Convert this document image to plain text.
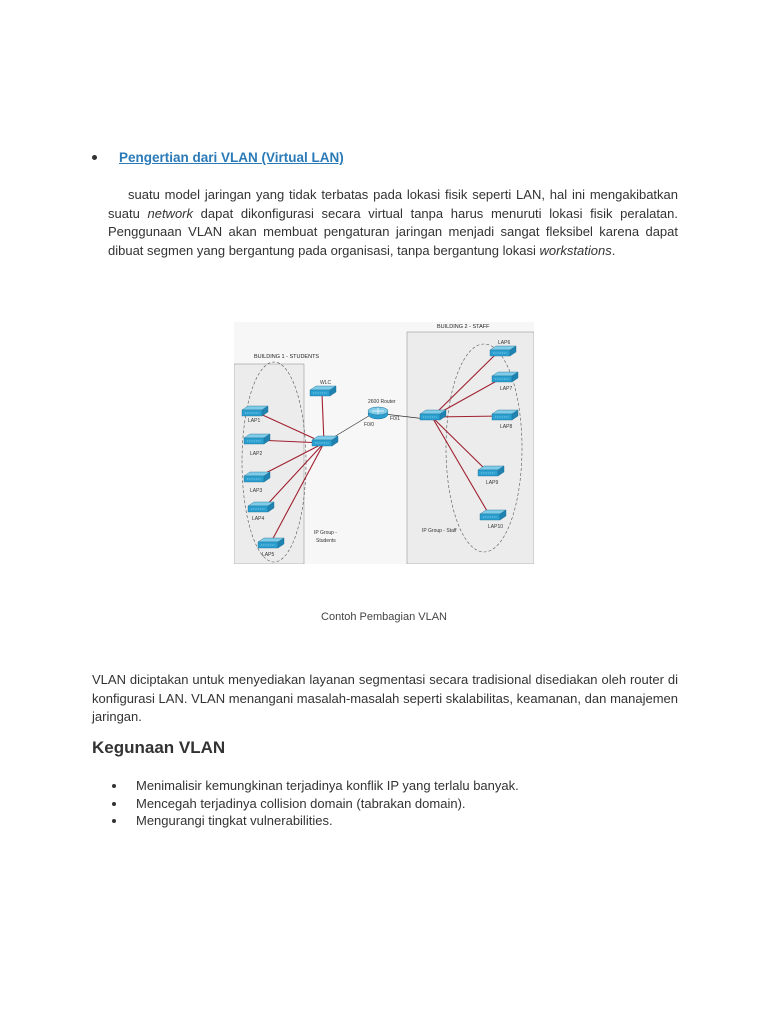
Pengertian dari VLAN (Virtual LAN)

suatu model jaringan yang tidak terbatas pada lokasi fisik seperti LAN, hal ini mengakibatkan suatu network dapat dikonfigurasi secara virtual tanpa harus menuruti lokasi fisik peralatan. Penggunaan VLAN akan membuat pengaturan jaringan menjadi sangat fleksibel karena dapat dibuat segmen yang bergantung pada organisasi, tanpa bergantung lokasi workstations.

BUILDING 1 - STUDENTS
BUILDING 2 - STAFF
WLC
LAP1
LAP2
LAP3
LAP4
LAP5
2600 Router
F0/0
F0/1
LAP6
LAP7
LAP8
LAP9
LAP10
IP Group -
Students
IP Group - Staff
Contoh Pembagian VLAN

VLAN diciptakan untuk menyediakan layanan segmentasi secara tradisional disediakan oleh router di konfigurasi LAN. VLAN menangani masalah-masalah seperti skalabilitas, keamanan, dan manajemen jaringan.

Kegunaan VLAN
Menimalisir kemungkinan terjadinya konflik IP yang terlalu banyak.
Mencegah terjadinya collision domain (tabrakan domain).
Mengurangi tingkat vulnerabilities.
